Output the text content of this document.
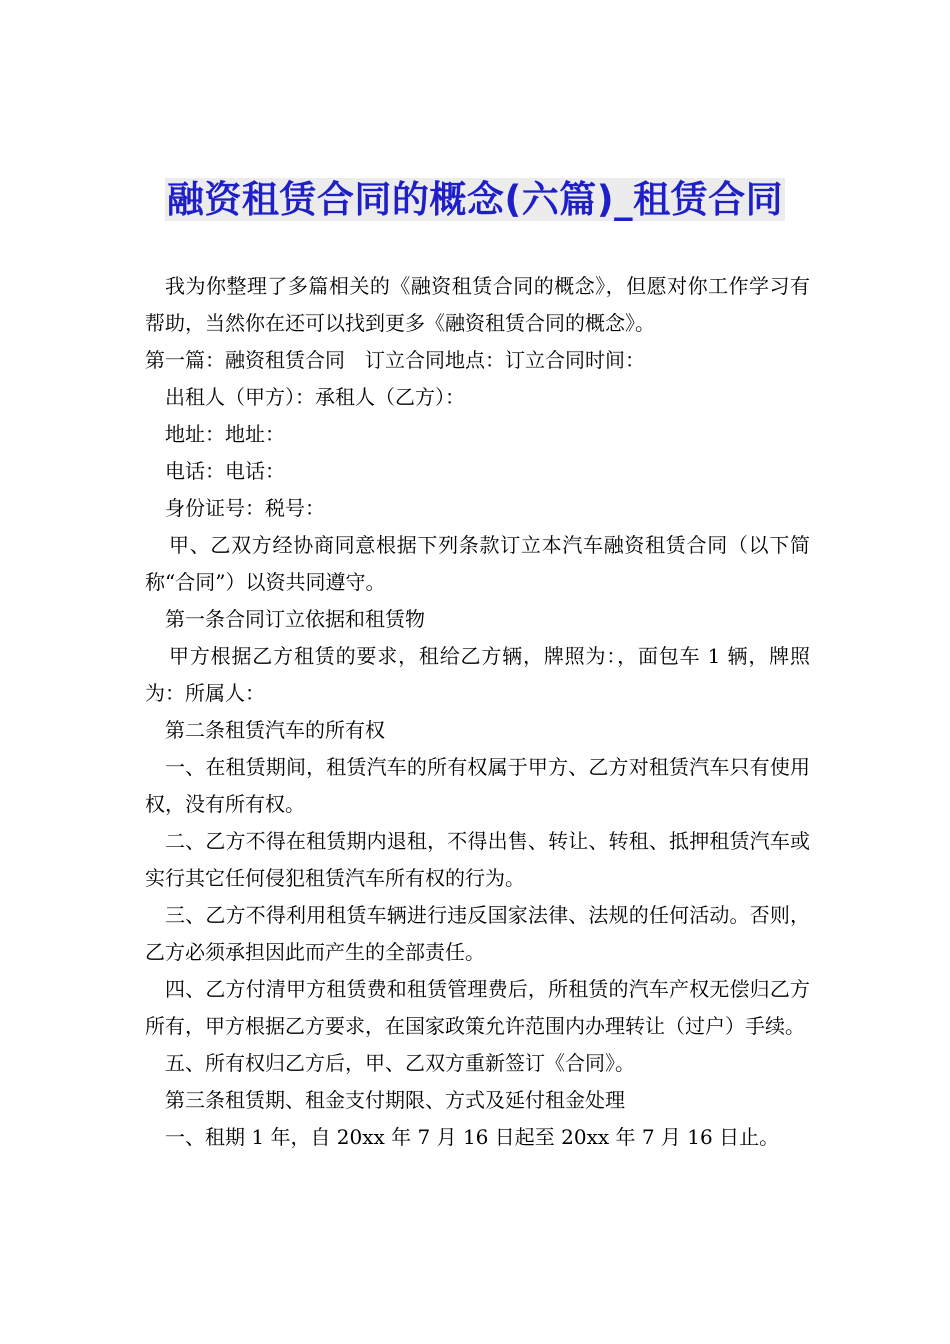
融资租赁合同的概念(六篇)_租赁合同

我为你整理了多篇相关的《融资租赁合同的概念》，但愿对你工作学习有帮助，当然你在还可以找到更多《融资租赁合同的概念》。

第一篇：融资租赁合同　订立合同地点：订立合同时间：

出租人（甲方）：承租人（乙方）：

地址：地址：

电话：电话：

身份证号：税号：

甲、乙双方经协商同意根据下列条款订立本汽车融资租赁合同（以下简称“合同”）以资共同遵守。

第一条合同订立依据和租赁物

甲方根据乙方租赁的要求，租给乙方辆，牌照为：，面包车 1 辆，牌照为：所属人：

第二条租赁汽车的所有权

一、在租赁期间，租赁汽车的所有权属于甲方、乙方对租赁汽车只有使用权，没有所有权。

二、乙方不得在租赁期内退租，不得出售、转让、转租、抵押租赁汽车或实行其它任何侵犯租赁汽车所有权的行为。

三、乙方不得利用租赁车辆进行违反国家法律、法规的任何活动。否则，乙方必须承担因此而产生的全部责任。

四、乙方付清甲方租赁费和租赁管理费后，所租赁的汽车产权无偿归乙方所有，甲方根据乙方要求，在国家政策允许范围内办理转让（过户）手续。

五、所有权归乙方后，甲、乙双方重新签订《合同》。

第三条租赁期、租金支付期限、方式及延付租金处理

一、租期 1 年，自 20xx 年 7 月 16 日起至 20xx 年 7 月 16 日止。
